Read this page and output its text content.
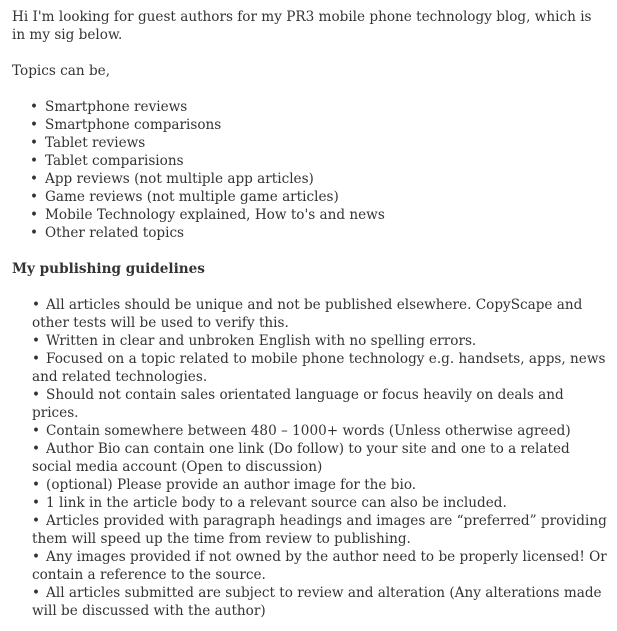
Hi I'm looking for guest authors for my PR3 mobile phone technology blog, which is in my sig below.

Topics can be,

• Smartphone reviews
• Smartphone comparisons
• Tablet reviews
• Tablet comparisions
• App reviews (not multiple app articles)
• Game reviews (not multiple game articles)
• Mobile Technology explained, How to's and news
• Other related topics
My publishing guidelines
• All articles should be unique and not be published elsewhere. CopyScape and other tests will be used to verify this.
• Written in clear and unbroken English with no spelling errors.
• Focused on a topic related to mobile phone technology e.g. handsets, apps, news and related technologies.
• Should not contain sales orientated language or focus heavily on deals and prices.
• Contain somewhere between 480 – 1000+ words (Unless otherwise agreed)
• Author Bio can contain one link (Do follow) to your site and one to a related social media account (Open to discussion)
• (optional) Please provide an author image for the bio.
• 1 link in the article body to a relevant source can also be included.
• Articles provided with paragraph headings and images are “preferred” providing them will speed up the time from review to publishing.
• Any images provided if not owned by the author need to be properly licensed! Or contain a reference to the source.
• All articles submitted are subject to review and alteration (Any alterations made will be discussed with the author)
